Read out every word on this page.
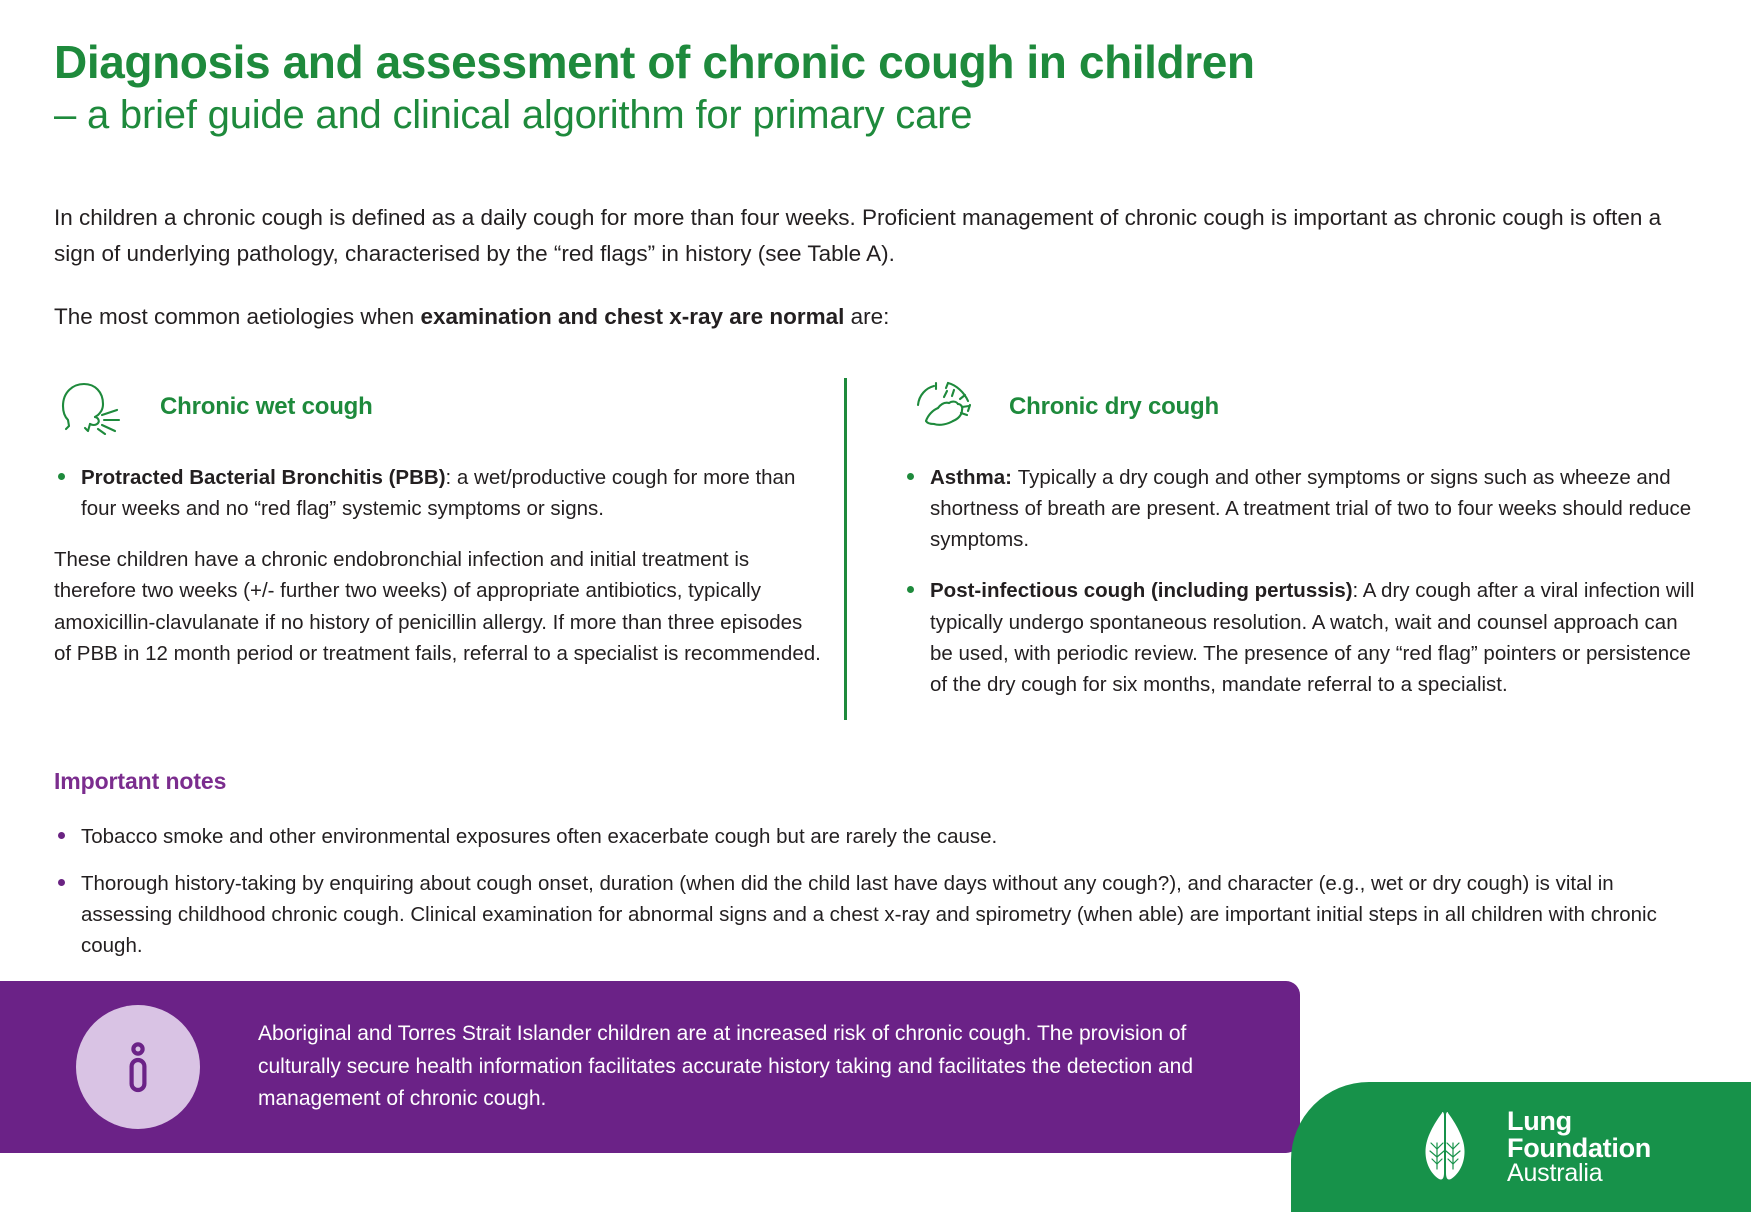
Diagnosis and assessment of chronic cough in children
– a brief guide and clinical algorithm for primary care

In children a chronic cough is defined as a daily cough for more than four weeks. Proficient management of chronic cough is important as chronic cough is often a sign of underlying pathology, characterised by the “red flags” in history (see Table A).

The most common aetiologies when examination and chest x-ray are normal are:

Chronic wet cough
Protracted Bacterial Bronchitis (PBB): a wet/productive cough for more than four weeks and no “red flag” systemic symptoms or signs.

These children have a chronic endobronchial infection and initial treatment is therefore two weeks (+/- further two weeks) of appropriate antibiotics, typically amoxicillin-clavulanate if no history of penicillin allergy. If more than three episodes of PBB in 12 month period or treatment fails, referral to a specialist is recommended.

Chronic dry cough
Asthma: Typically a dry cough and other symptoms or signs such as wheeze and shortness of breath are present. A treatment trial of two to four weeks should reduce symptoms.
Post-infectious cough (including pertussis): A dry cough after a viral infection will typically undergo spontaneous resolution. A watch, wait and counsel approach can be used, with periodic review. The presence of any “red flag” pointers or persistence of the dry cough for six months, mandate referral to a specialist.
Important notes
Tobacco smoke and other environmental exposures often exacerbate cough but are rarely the cause.
Thorough history-taking by enquiring about cough onset, duration (when did the child last have days without any cough?), and character (e.g., wet or dry cough) is vital in assessing childhood chronic cough. Clinical examination for abnormal signs and a chest x-ray and spirometry (when able) are important initial steps in all children with chronic cough.
Aboriginal and Torres Strait Islander children are at increased risk of chronic cough. The provision of culturally secure health information facilitates accurate history taking and facilitates the detection and management of chronic cough.
Lung
Foundation
Australia
